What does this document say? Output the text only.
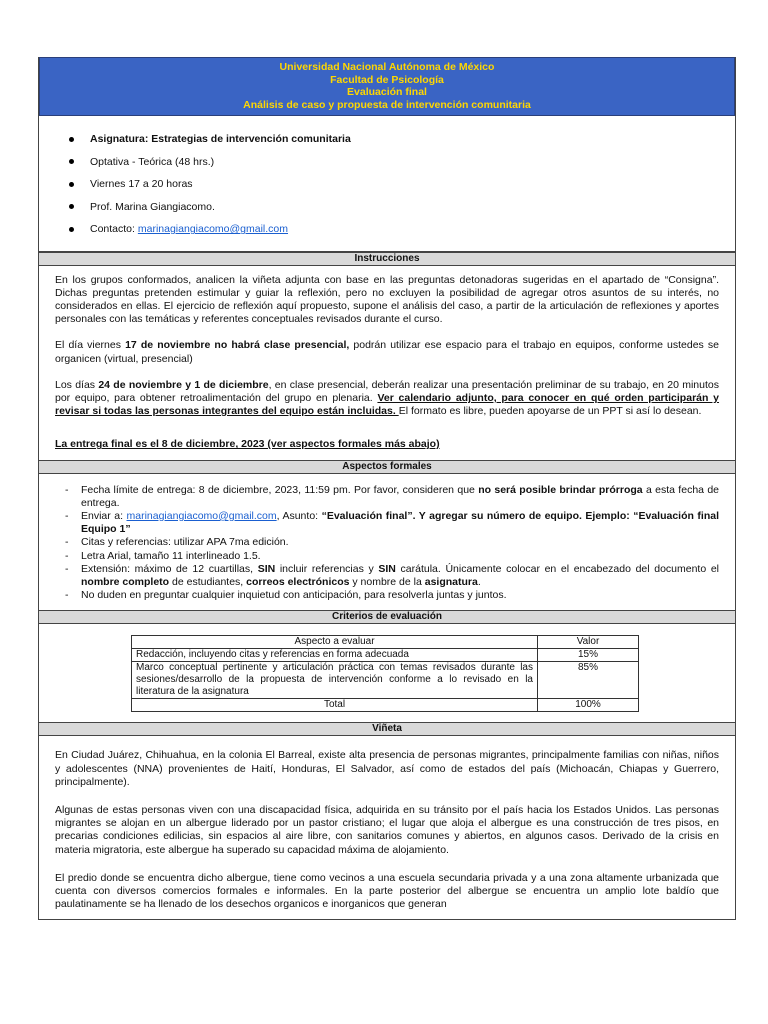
Universidad Nacional Autónoma de México
Facultad de Psicología
Evaluación final
Análisis de caso y propuesta de intervención comunitaria
Asignatura: Estrategias de intervención comunitaria
Optativa - Teórica (48 hrs.)
Viernes 17 a 20 horas
Prof. Marina Giangiacomo.
Contacto: marinagiangiacomo@gmail.com
Instrucciones

En los grupos conformados, analicen la viñeta adjunta con base en las preguntas detonadoras sugeridas en el apartado de “Consigna”. Dichas preguntas pretenden estimular y guiar la reflexión, pero no excluyen la posibilidad de agregar otros asuntos de su interés, no considerados en ellas. El ejercicio de reflexión aquí propuesto, supone el análisis del caso, a partir de la articulación de reflexiones y aportes personales con las temáticas y referentes conceptuales revisados durante el curso.

El día viernes 17 de noviembre no habrá clase presencial, podrán utilizar ese espacio para el trabajo en equipos, conforme ustedes se organicen (virtual, presencial)

Los días 24 de noviembre y 1 de diciembre, en clase presencial, deberán realizar una presentación preliminar de su trabajo, en 20 minutos por equipo, para obtener retroalimentación del grupo en plenaria. Ver calendario adjunto, para conocer en qué orden participarán y revisar si todas las personas integrantes del equipo están incluidas. El formato es libre, pueden apoyarse de un PPT si así lo desean.

La entrega final es el 8 de diciembre, 2023 (ver aspectos formales más abajo)

Aspectos formales
-	Fecha límite de entrega: 8 de diciembre, 2023, 11:59 pm. Por favor, consideren que no será posible brindar prórroga a esta fecha de entrega.
-	Enviar a: marinagiangiacomo@gmail.com, Asunto: “Evaluación final”. Y agregar su número de equipo. Ejemplo: “Evaluación final Equipo 1”
-	Citas y referencias: utilizar APA 7ma edición.
-	Letra Arial, tamaño 11 interlineado 1.5.
-	Extensión: máximo de 12 cuartillas, SIN incluir referencias y SIN carátula. Únicamente colocar en el encabezado del documento el nombre completo de estudiantes, correos electrónicos y nombre de la asignatura.
-	No duden en preguntar cualquier inquietud con anticipación, para resolverla juntas y juntos.
Criterios de evaluación
Aspecto a evaluar	Valor
Redacción, incluyendo citas y referencias en forma adecuada	15%
Marco conceptual pertinente y articulación práctica con temas revisados durante las sesiones/desarrollo de la propuesta de intervención conforme a lo revisado en la literatura de la asignatura	85%
Total	100%
Viñeta

En Ciudad Juárez, Chihuahua, en la colonia El Barreal, existe alta presencia de personas migrantes, principalmente familias con niñas, niños y adolescentes (NNA) provenientes de Haití, Honduras, El Salvador, así como de estados del país (Michoacán, Chiapas y Guerrero, principalmente).

Algunas de estas personas viven con una discapacidad física, adquirida en su tránsito por el país hacia los Estados Unidos. Las personas migrantes se alojan en un albergue liderado por un pastor cristiano; el lugar que aloja el albergue es una construcción de tres pisos, en precarias condiciones edilicias, sin espacios al aire libre, con sanitarios comunes y abiertos, en algunos casos. Derivado de la crisis en materia migratoria, este albergue ha superado su capacidad máxima de alojamiento.

El predio donde se encuentra dicho albergue, tiene como vecinos a una escuela secundaria privada y a una zona altamente urbanizada que cuenta con diversos comercios formales e informales. En la parte posterior del albergue se encuentra un amplio lote baldío que paulatinamente se ha llenado de los desechos organicos e inorganicos que generan
